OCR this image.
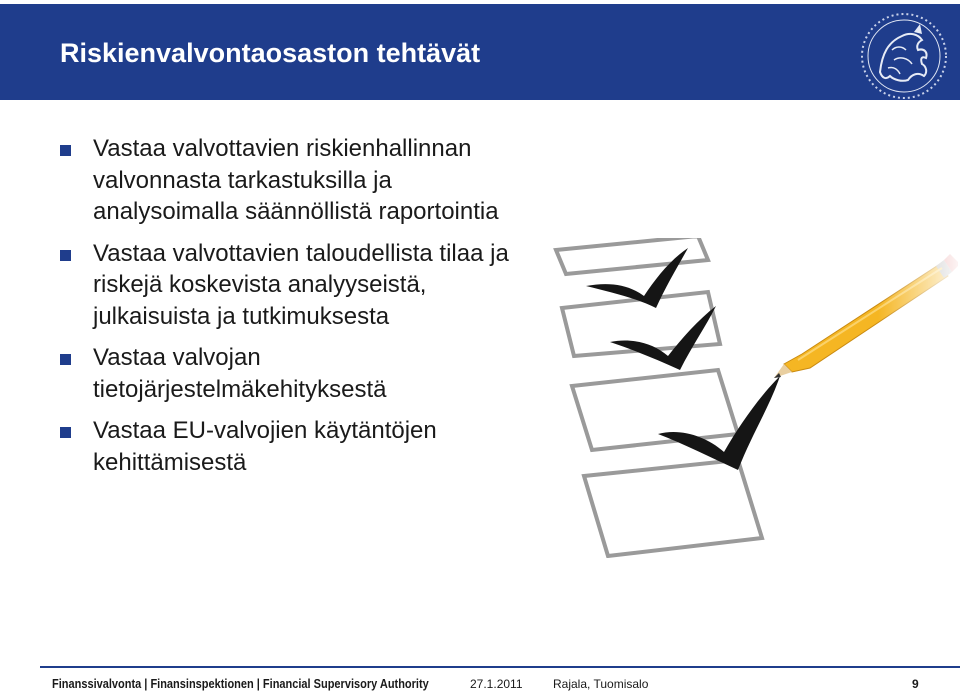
Riskienvalvontaosaston tehtävät
Vastaa valvottavien riskienhallinnan valvonnasta tarkastuksilla ja analysoimalla säännöllistä raportointia
Vastaa valvottavien taloudellista tilaa ja riskejä koskevista analyyseistä, julkaisuista ja tutkimuksesta
Vastaa valvojan tietojärjestelmäkehityksestä
Vastaa EU-valvojien käytäntöjen kehittämisestä
Finanssivalvonta | Finansinspektionen | Financial Supervisory Authority	27.1.2011	Rajala, Tuomisalo	9
